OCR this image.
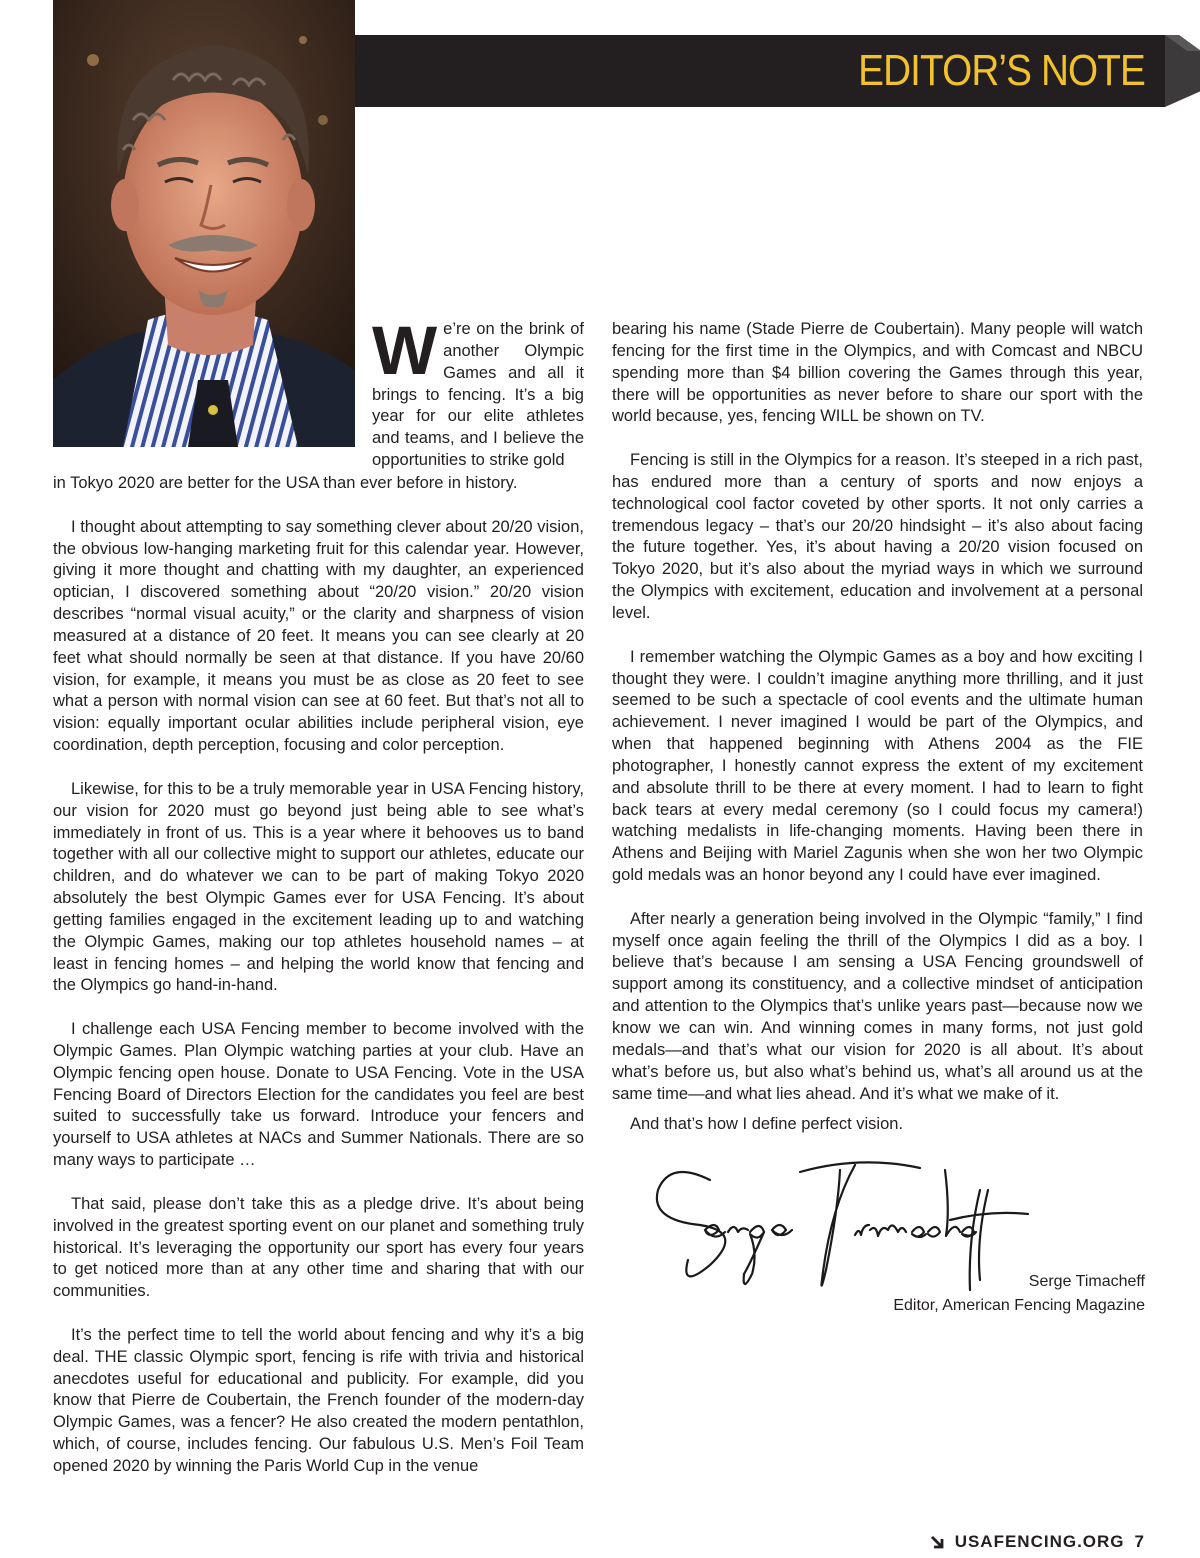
EDITOR’S NOTE
We’re on the brink of another Olympic Games and all it brings to fencing. It’s a big year for our elite athletes and teams, and I believe the opportunities to strike gold

in Tokyo 2020 are better for the USA than ever before in history.

I thought about attempting to say something clever about 20/20 vision, the obvious low-hanging marketing fruit for this calendar year. However, giving it more thought and chatting with my daughter, an experienced optician, I discovered something about “20/20 vision.” 20/20 vision describes “normal visual acuity,” or the clarity and sharpness of vision measured at a distance of 20 feet. It means you can see clearly at 20 feet what should normally be seen at that distance. If you have 20/60 vision, for example, it means you must be as close as 20 feet to see what a person with normal vision can see at 60 feet. But that’s not all to vision: equally important ocular abilities include peripheral vision, eye coordination, depth perception, focusing and color perception.

Likewise, for this to be a truly memorable year in USA Fencing history, our vision for 2020 must go beyond just being able to see what’s immediately in front of us. This is a year where it behooves us to band together with all our collective might to support our athletes, educate our children, and do whatever we can to be part of making Tokyo 2020 absolutely the best Olympic Games ever for USA Fencing. It’s about getting families engaged in the excitement leading up to and watching the Olympic Games, making our top athletes household names – at least in fencing homes – and helping the world know that fencing and the Olympics go hand-in-hand.

I challenge each USA Fencing member to become involved with the Olympic Games. Plan Olympic watching parties at your club. Have an Olympic fencing open house. Donate to USA Fencing. Vote in the USA Fencing Board of Directors Election for the candidates you feel are best suited to successfully take us forward. Introduce your fencers and yourself to USA athletes at NACs and Summer Nationals. There are so many ways to participate …

That said, please don’t take this as a pledge drive. It’s about being involved in the greatest sporting event on our planet and something truly historical. It’s leveraging the opportunity our sport has every four years to get noticed more than at any other time and sharing that with our communities.

It’s the perfect time to tell the world about fencing and why it’s a big deal. THE classic Olympic sport, fencing is rife with trivia and historical anecdotes useful for educational and publicity. For example, did you know that Pierre de Coubertain, the French founder of the modern-day Olympic Games, was a fencer? He also created the modern pentathlon, which, of course, includes fencing. Our fabulous U.S. Men’s Foil Team opened 2020 by winning the Paris World Cup in the venue

bearing his name (Stade Pierre de Coubertain). Many people will watch fencing for the first time in the Olympics, and with Comcast and NBCU spending more than $4 billion covering the Games through this year, there will be opportunities as never before to share our sport with the world because, yes, fencing WILL be shown on TV.

Fencing is still in the Olympics for a reason. It’s steeped in a rich past, has endured more than a century of sports and now enjoys a technological cool factor coveted by other sports. It not only carries a tremendous legacy – that’s our 20/20 hindsight – it’s also about facing the future together. Yes, it’s about having a 20/20 vision focused on Tokyo 2020, but it’s also about the myriad ways in which we surround the Olympics with excitement, education and involvement at a personal level.

I remember watching the Olympic Games as a boy and how exciting I thought they were. I couldn’t imagine anything more thrilling, and it just seemed to be such a spectacle of cool events and the ultimate human achievement. I never imagined I would be part of the Olympics, and when that happened beginning with Athens 2004 as the FIE photographer, I honestly cannot express the extent of my excitement and absolute thrill to be there at every moment. I had to learn to fight back tears at every medal ceremony (so I could focus my camera!) watching medalists in life-changing moments. Having been there in Athens and Beijing with Mariel Zagunis when she won her two Olympic gold medals was an honor beyond any I could have ever imagined.

After nearly a generation being involved in the Olympic “family,” I find myself once again feeling the thrill of the Olympics I did as a boy. I believe that’s because I am sensing a USA Fencing groundswell of support among its constituency, and a collective mindset of anticipation and attention to the Olympics that’s unlike years past—because now we know we can win. And winning comes in many forms, not just gold medals—and that’s what our vision for 2020 is all about. It’s about what’s before us, but also what’s behind us, what’s all around us at the same time—and what lies ahead. And it’s what we make of it.

And that’s how I define perfect vision.
Serge Timacheff
Editor, American Fencing Magazine
USAFENCING.ORG 7
